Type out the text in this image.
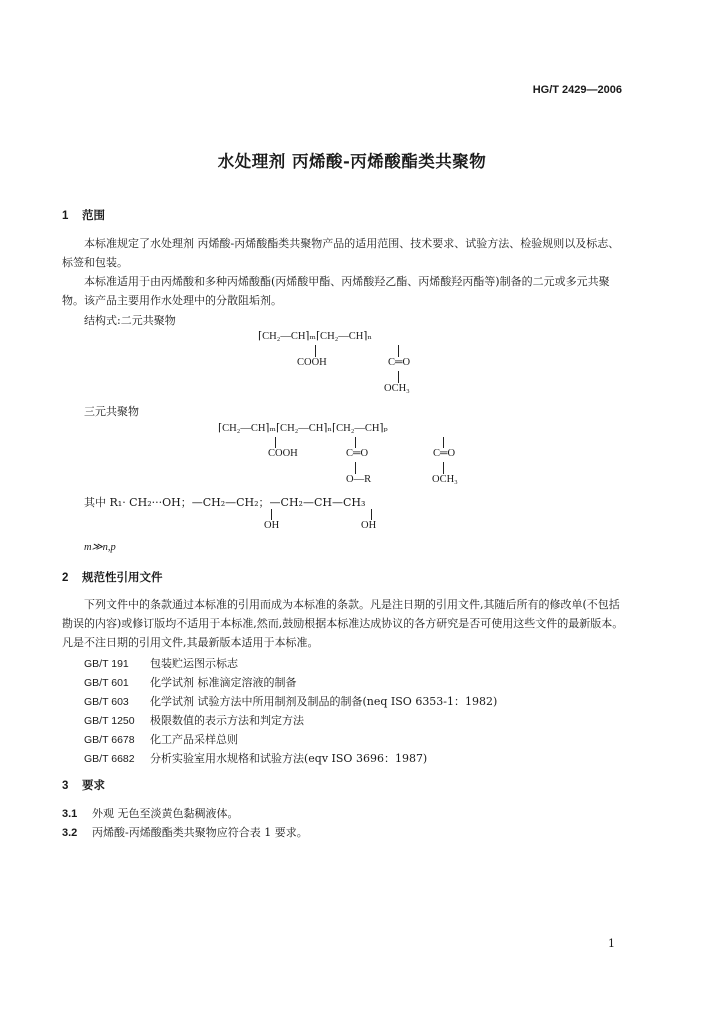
HG/T 2429—2006
水处理剂 丙烯酸-丙烯酸酯类共聚物
1 范围
本标准规定了水处理剂 丙烯酸-丙烯酸酯类共聚物产品的适用范围、技术要求、试验方法、检验规则以及标志、标签和包装。
本标准适用于由丙烯酸和多种丙烯酸酯(丙烯酸甲酯、丙烯酸羟乙酯、丙烯酸羟丙酯等)制备的二元或多元共聚物。该产品主要用作水处理中的分散阻垢剂。
结构式:二元共聚物
⌈CH₂—CH⌉ₘ⌈CH₂—CH⌉ₙ
COOH	C═O
OCH₃
三元共聚物
⌈CH₂—CH⌉ₘ⌈CH₂—CH⌉ₙ⌈CH₂—CH⌉ₚ
COOH	C═O	C═O
O—R	OCH₃
其中 R₁· CH₂···OH；—CH₂—CH₂；—CH₂—CH—CH₃
OH	OH
m≫n,p
2 规范性引用文件
下列文件中的条款通过本标准的引用而成为本标准的条款。凡是注日期的引用文件,其随后所有的修改单(不包括勘误的内容)或修订版均不适用于本标准,然而,鼓励根据本标准达成协议的各方研究是否可使用这些文件的最新版本。凡是不注日期的引用文件,其最新版本适用于本标准。
GB/T 191 包装贮运图示标志
GB/T 601 化学试剂 标准滴定溶液的制备
GB/T 603 化学试剂 试验方法中所用制剂及制品的制备(neq ISO 6353-1：1982)
GB/T 1250 极限数值的表示方法和判定方法
GB/T 6678 化工产品采样总则
GB/T 6682 分析实验室用水规格和试验方法(eqv ISO 3696：1987)
3 要求
3.1 外观 无色至淡黄色黏稠液体。
3.2 丙烯酸-丙烯酸酯类共聚物应符合表 1 要求。
1
